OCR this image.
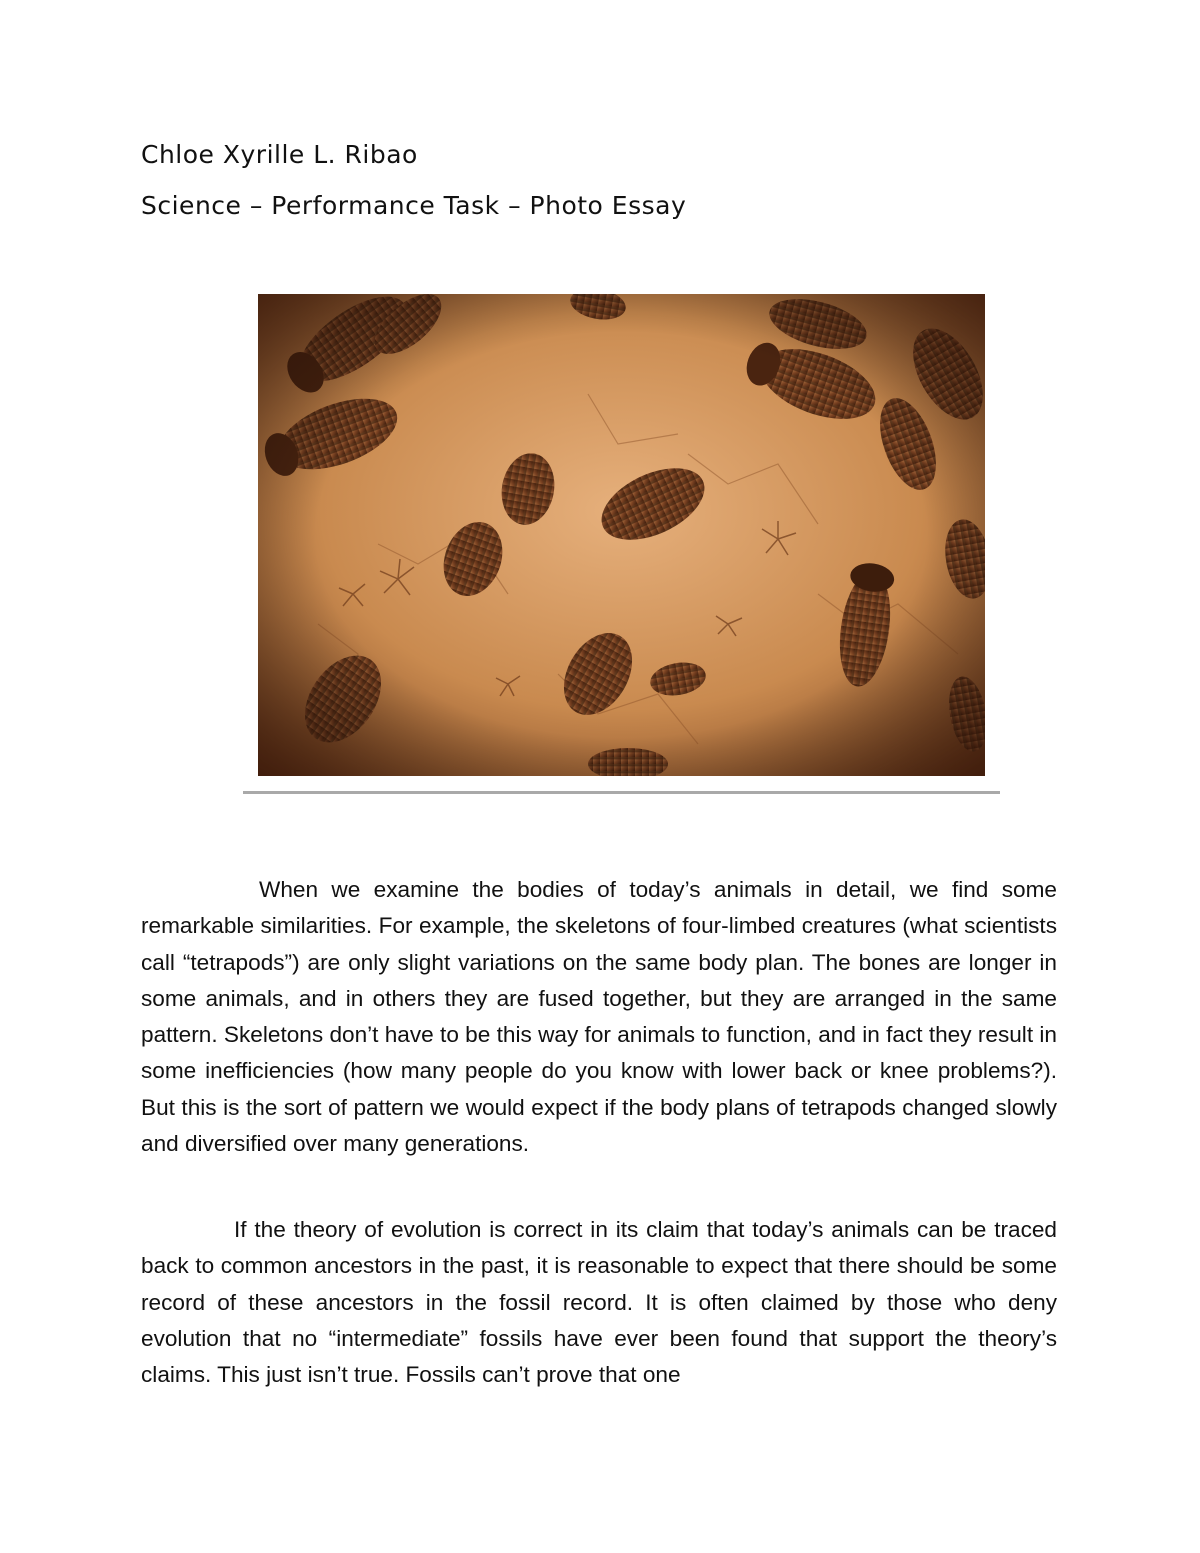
Chloe Xyrille L. Ribao
Science – Performance Task – Photo Essay

When we examine the bodies of today’s animals in detail, we find some remarkable similarities. For example, the skeletons of four-limbed creatures (what scientists call “tetrapods”) are only slight variations on the same body plan. The bones are longer in some animals, and in others they are fused together, but they are arranged in the same pattern. Skeletons don’t have to be this way for animals to function, and in fact they result in some inefficiencies (how many people do you know with lower back or knee problems?). But this is the sort of pattern we would expect if the body plans of tetrapods changed slowly and diversified over many generations.

If the theory of evolution is correct in its claim that today’s animals can be traced back to common ancestors in the past, it is reasonable to expect that there should be some record of these ancestors in the fossil record. It is often claimed by those who deny evolution that no “intermediate” fossils have ever been found that support the theory’s claims. This just isn’t true. Fossils can’t prove that one
